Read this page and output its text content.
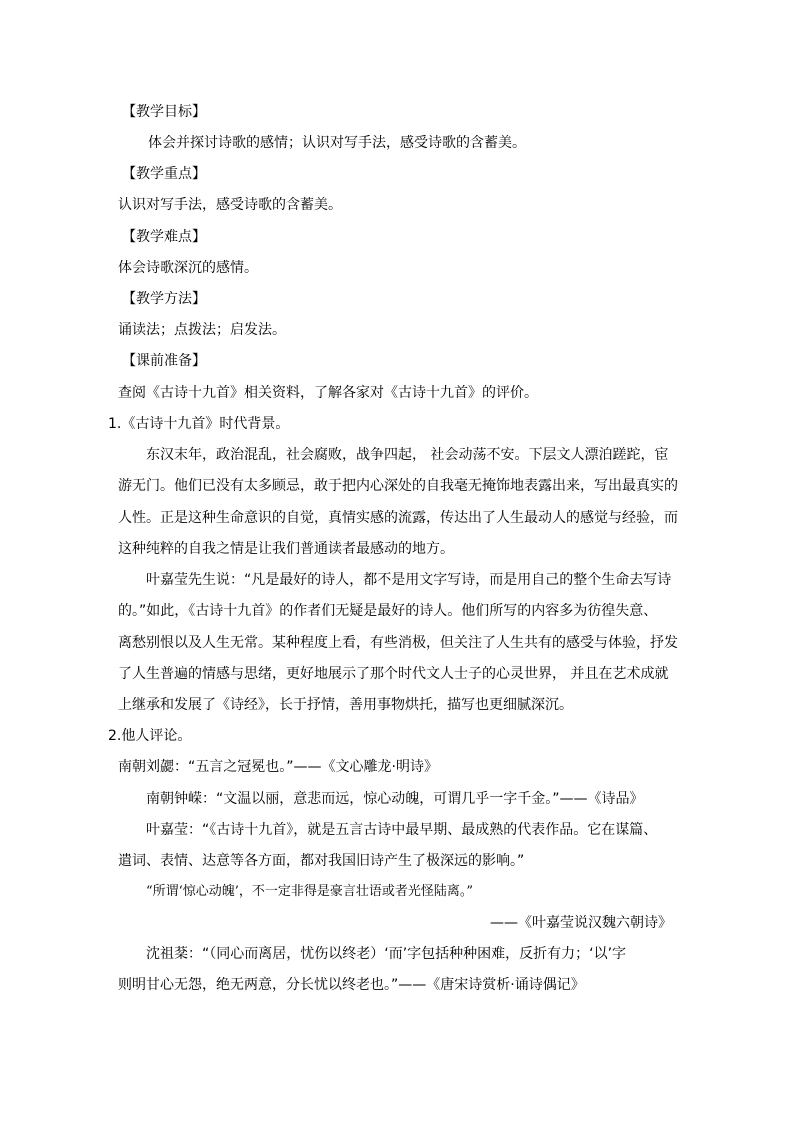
【教学目标】
体会并探讨诗歌的感情；认识对写手法，感受诗歌的含蓄美。
【教学重点】
认识对写手法，感受诗歌的含蓄美。
【教学难点】
体会诗歌深沉的感情。
【教学方法】
诵读法；点拨法；启发法。
【课前准备】
查阅《古诗十九首》相关资料，了解各家对《古诗十九首》的评价。
1.《古诗十九首》时代背景。
东汉末年，政治混乱，社会腐败，战争四起， 社会动荡不安。下层文人漂泊蹉跎，宦
游无门。他们已没有太多顾忌，敢于把内心深处的自我毫无掩饰地表露出来，写出最真实的
人性。正是这种生命意识的自觉，真情实感的流露，传达出了人生最动人的感觉与经验，而
这种纯粹的自我之情是让我们普通读者最感动的地方。
叶嘉莹先生说：“凡是最好的诗人，都不是用文字写诗，而是用自己的整个生命去写诗
的。”如此，《古诗十九首》的作者们无疑是最好的诗人。他们所写的内容多为彷徨失意、
离愁别恨以及人生无常。某种程度上看，有些消极，但关注了人生共有的感受与体验，抒发
了人生普遍的情感与思绪，更好地展示了那个时代文人士子的心灵世界， 并且在艺术成就
上继承和发展了《诗经》，长于抒情，善用事物烘托，描写也更细腻深沉。
2.他人评论。
南朝刘勰：“五言之冠冕也。”——《文心雕龙·明诗》
南朝钟嵘：“文温以丽，意悲而远，惊心动魄，可谓几乎一字千金。”——《诗品》
叶嘉莹：“《古诗十九首》，就是五言古诗中最早期、最成熟的代表作品。它在谋篇、
遣词、表情、达意等各方面，都对我国旧诗产生了极深远的影响。”
“所谓‘惊心动魄’，不一定非得是豪言壮语或者光怪陆离。”
——《叶嘉莹说汉魏六朝诗》
沈祖棻：“（同心而离居，忧伤以终老）‘而’字包括种种困难，反折有力；‘以’字
则明甘心无怨，绝无两意，分长忧以终老也。”——《唐宋诗赏析·诵诗偶记》
